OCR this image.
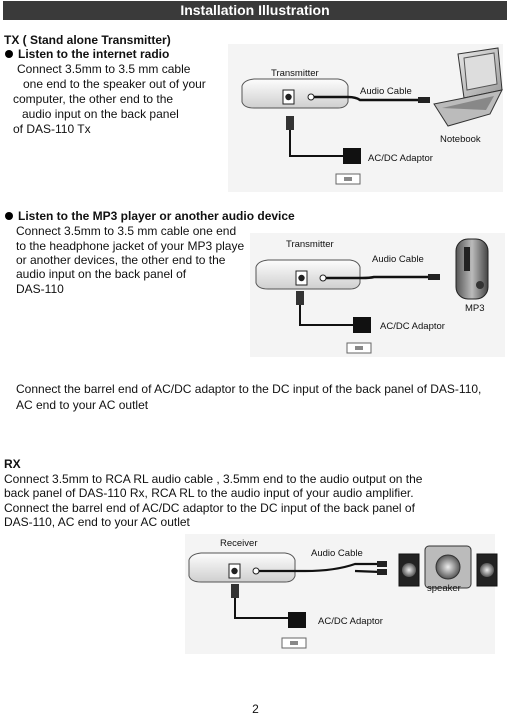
Installation Illustration
TX ( Stand alone Transmitter)
Listen to the internet radio
Connect 3.5mm to 3.5 mm cable
one end to the speaker out of your
computer, the other end to the
audio input on the back panel
of DAS-110 Tx
Transmitter
Audio Cable
Notebook
AC/DC Adaptor
Listen to the MP3 player or another audio device
Connect 3.5mm to 3.5 mm cable one end
to the headphone jacket of your MP3 playe
or another devices, the other end to the
audio input on the back panel of
DAS-110
Transmitter
Audio Cable
MP3
AC/DC Adaptor
Connect the barrel end of AC/DC adaptor to the DC input of the back panel of DAS-110,
AC end to your AC outlet
RX
Connect 3.5mm to RCA RL audio cable , 3.5mm end to the audio output on the
back panel of DAS-110 Rx, RCA RL to the audio input of your audio amplifier.
Connect the barrel end of AC/DC adaptor to the DC input of the back panel of
DAS-110, AC end to your AC outlet
Receiver
Audio Cable
speaker
AC/DC Adaptor
2
